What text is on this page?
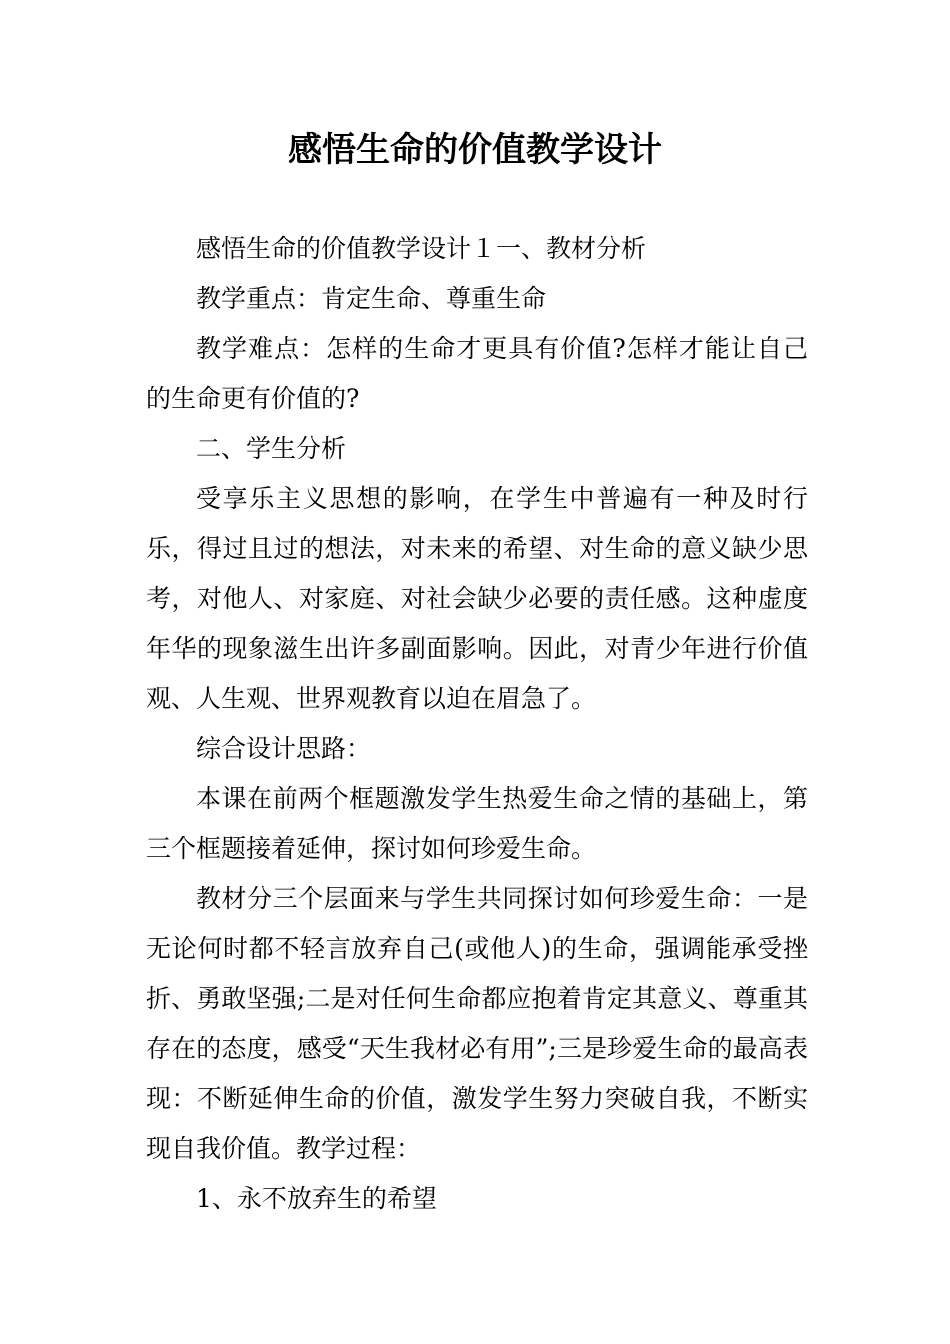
感悟生命的价值教学设计

感悟生命的价值教学设计１一、教材分析

教学重点：肯定生命、尊重生命

教学难点：怎样的生命才更具有价值?怎样才能让自己的生命更有价值的?

二、学生分析

受享乐主义思想的影响，在学生中普遍有一种及时行乐，得过且过的想法，对未来的希望、对生命的意义缺少思考，对他人、对家庭、对社会缺少必要的责任感。这种虚度年华的现象滋生出许多副面影响。因此，对青少年进行价值观、人生观、世界观教育以迫在眉急了。

综合设计思路：

本课在前两个框题激发学生热爱生命之情的基础上，第三个框题接着延伸，探讨如何珍爱生命。

教材分三个层面来与学生共同探讨如何珍爱生命：一是无论何时都不轻言放弃自己(或他人)的生命，强调能承受挫折、勇敢坚强;二是对任何生命都应抱着肯定其意义、尊重其存在的态度，感受“天生我材必有用”;三是珍爱生命的最高表现：不断延伸生命的价值，激发学生努力突破自我，不断实现自我价值。教学过程：

1、永不放弃生的希望
